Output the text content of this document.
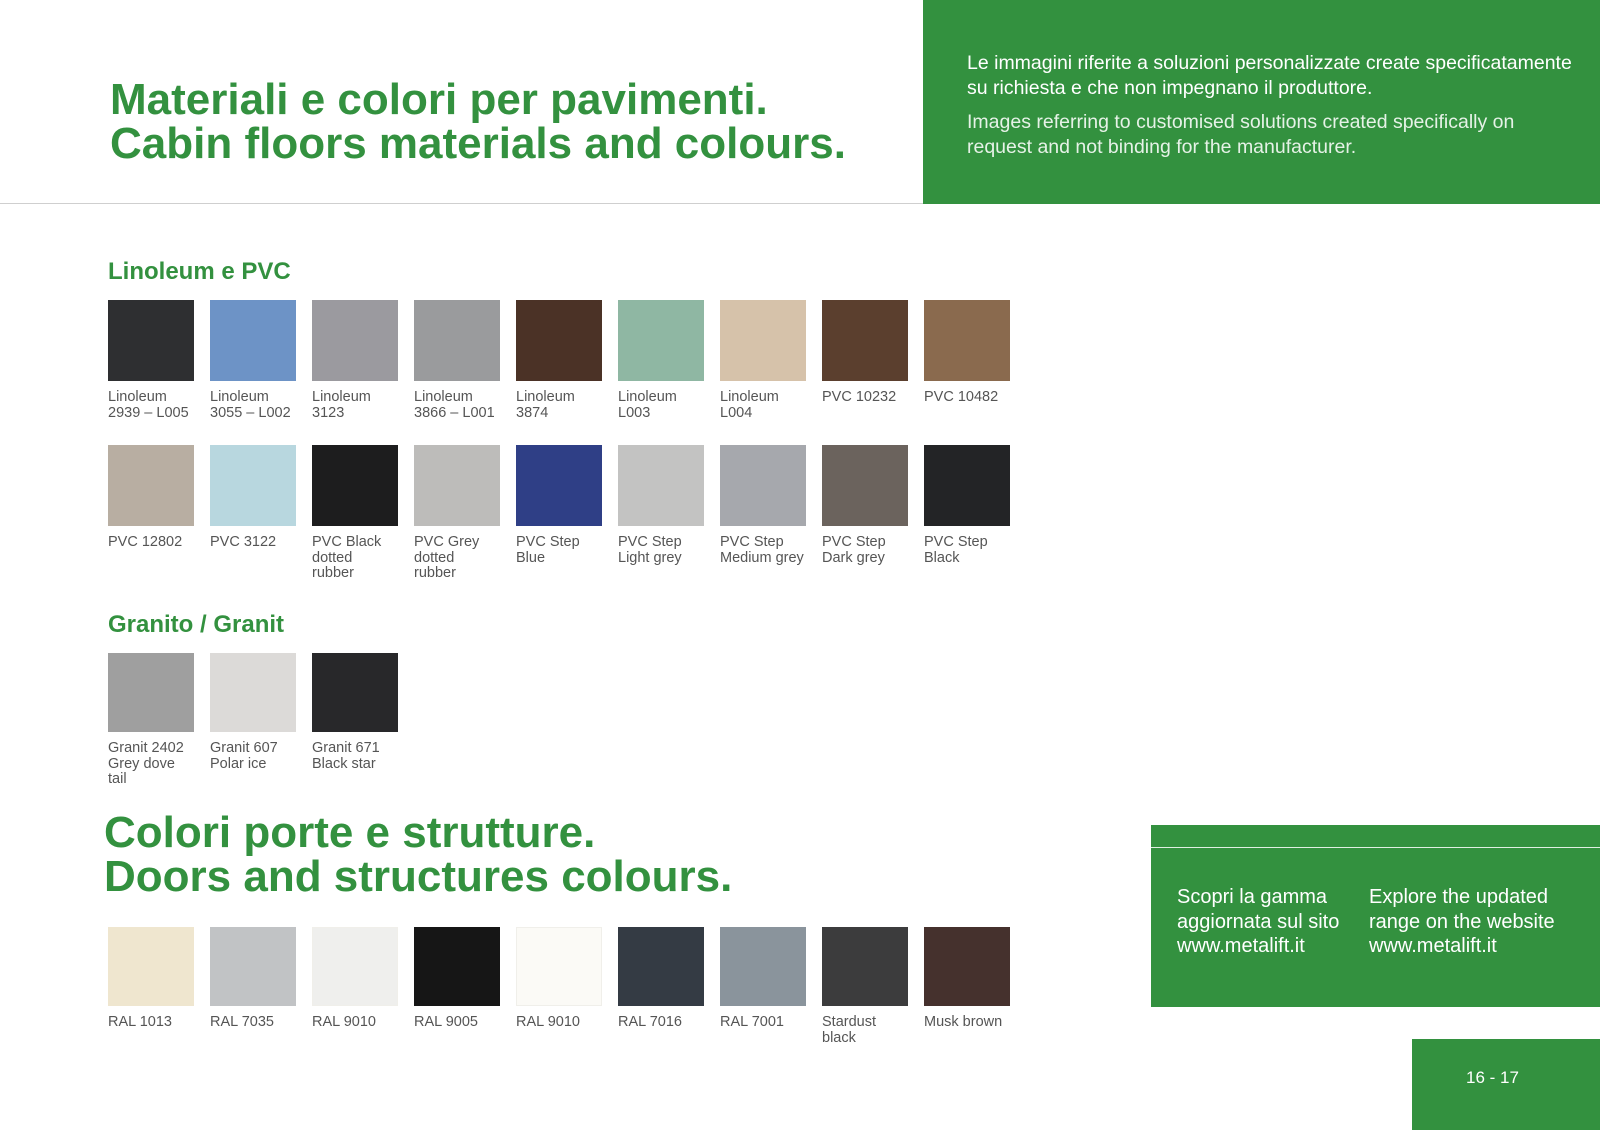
Materiali e colori per pavimenti.
Cabin floors materials and colours.

Le immagini riferite a soluzioni personalizzate create specificatamente su richiesta e che non impegnano il produttore.

Images referring to customised solutions created specifically on request and not binding for the manufacturer.

Linoleum e PVC
Linoleum
2939 – L005
Linoleum
3055 – L002
Linoleum
3123
Linoleum
3866 – L001
Linoleum
3874
Linoleum
L003
Linoleum
L004
PVC 10232	PVC 10482
PVC 12802	PVC 3122	PVC Black
dotted
rubber
PVC Grey
dotted
rubber
PVC Step
Blue
PVC Step
Light grey
PVC Step
Medium grey
PVC Step
Dark grey
PVC Step
Black
Granito / Granit
Granit 2402
Grey dove
tail
Granit 607
Polar ice
Granit 671
Black star
Colori porte e strutture.
Doors and structures colours.
RAL 1013	RAL 7035	RAL 9010	RAL 9005	RAL 9010	RAL 7016	RAL 7001	Stardust
black
Musk brown

Scopri la gamma
aggiornata sul sito
www.metalift.it

Explore the updated
range on the website
www.metalift.it

16 - 17
